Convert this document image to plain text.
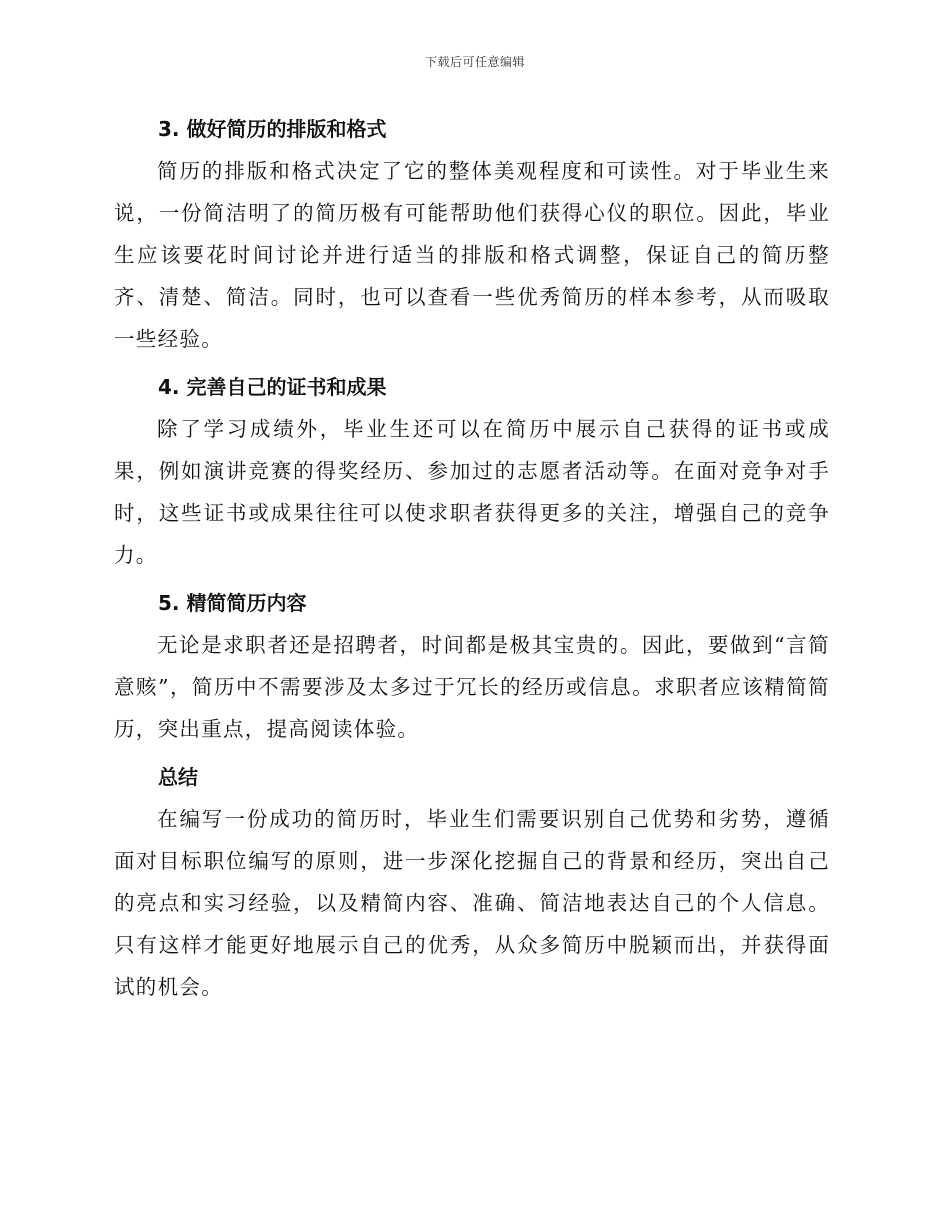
下载后可任意编辑
3. 做好简历的排版和格式

简历的排版和格式决定了它的整体美观程度和可读性。对于毕业生来说，一份简洁明了的简历极有可能帮助他们获得心仪的职位。因此，毕业生应该要花时间讨论并进行适当的排版和格式调整，保证自己的简历整齐、清楚、简洁。同时，也可以查看一些优秀简历的样本参考，从而吸取一些经验。

4. 完善自己的证书和成果

除了学习成绩外，毕业生还可以在简历中展示自己获得的证书或成果，例如演讲竞赛的得奖经历、参加过的志愿者活动等。在面对竞争对手时，这些证书或成果往往可以使求职者获得更多的关注，增强自己的竞争力。

5. 精简简历内容

无论是求职者还是招聘者，时间都是极其宝贵的。因此，要做到“言简意赅”，简历中不需要涉及太多过于冗长的经历或信息。求职者应该精简简历，突出重点，提高阅读体验。

总结

在编写一份成功的简历时，毕业生们需要识别自己优势和劣势，遵循面对目标职位编写的原则，进一步深化挖掘自己的背景和经历，突出自己的亮点和实习经验，以及精简内容、准确、简洁地表达自己的个人信息。只有这样才能更好地展示自己的优秀，从众多简历中脱颖而出，并获得面试的机会。
